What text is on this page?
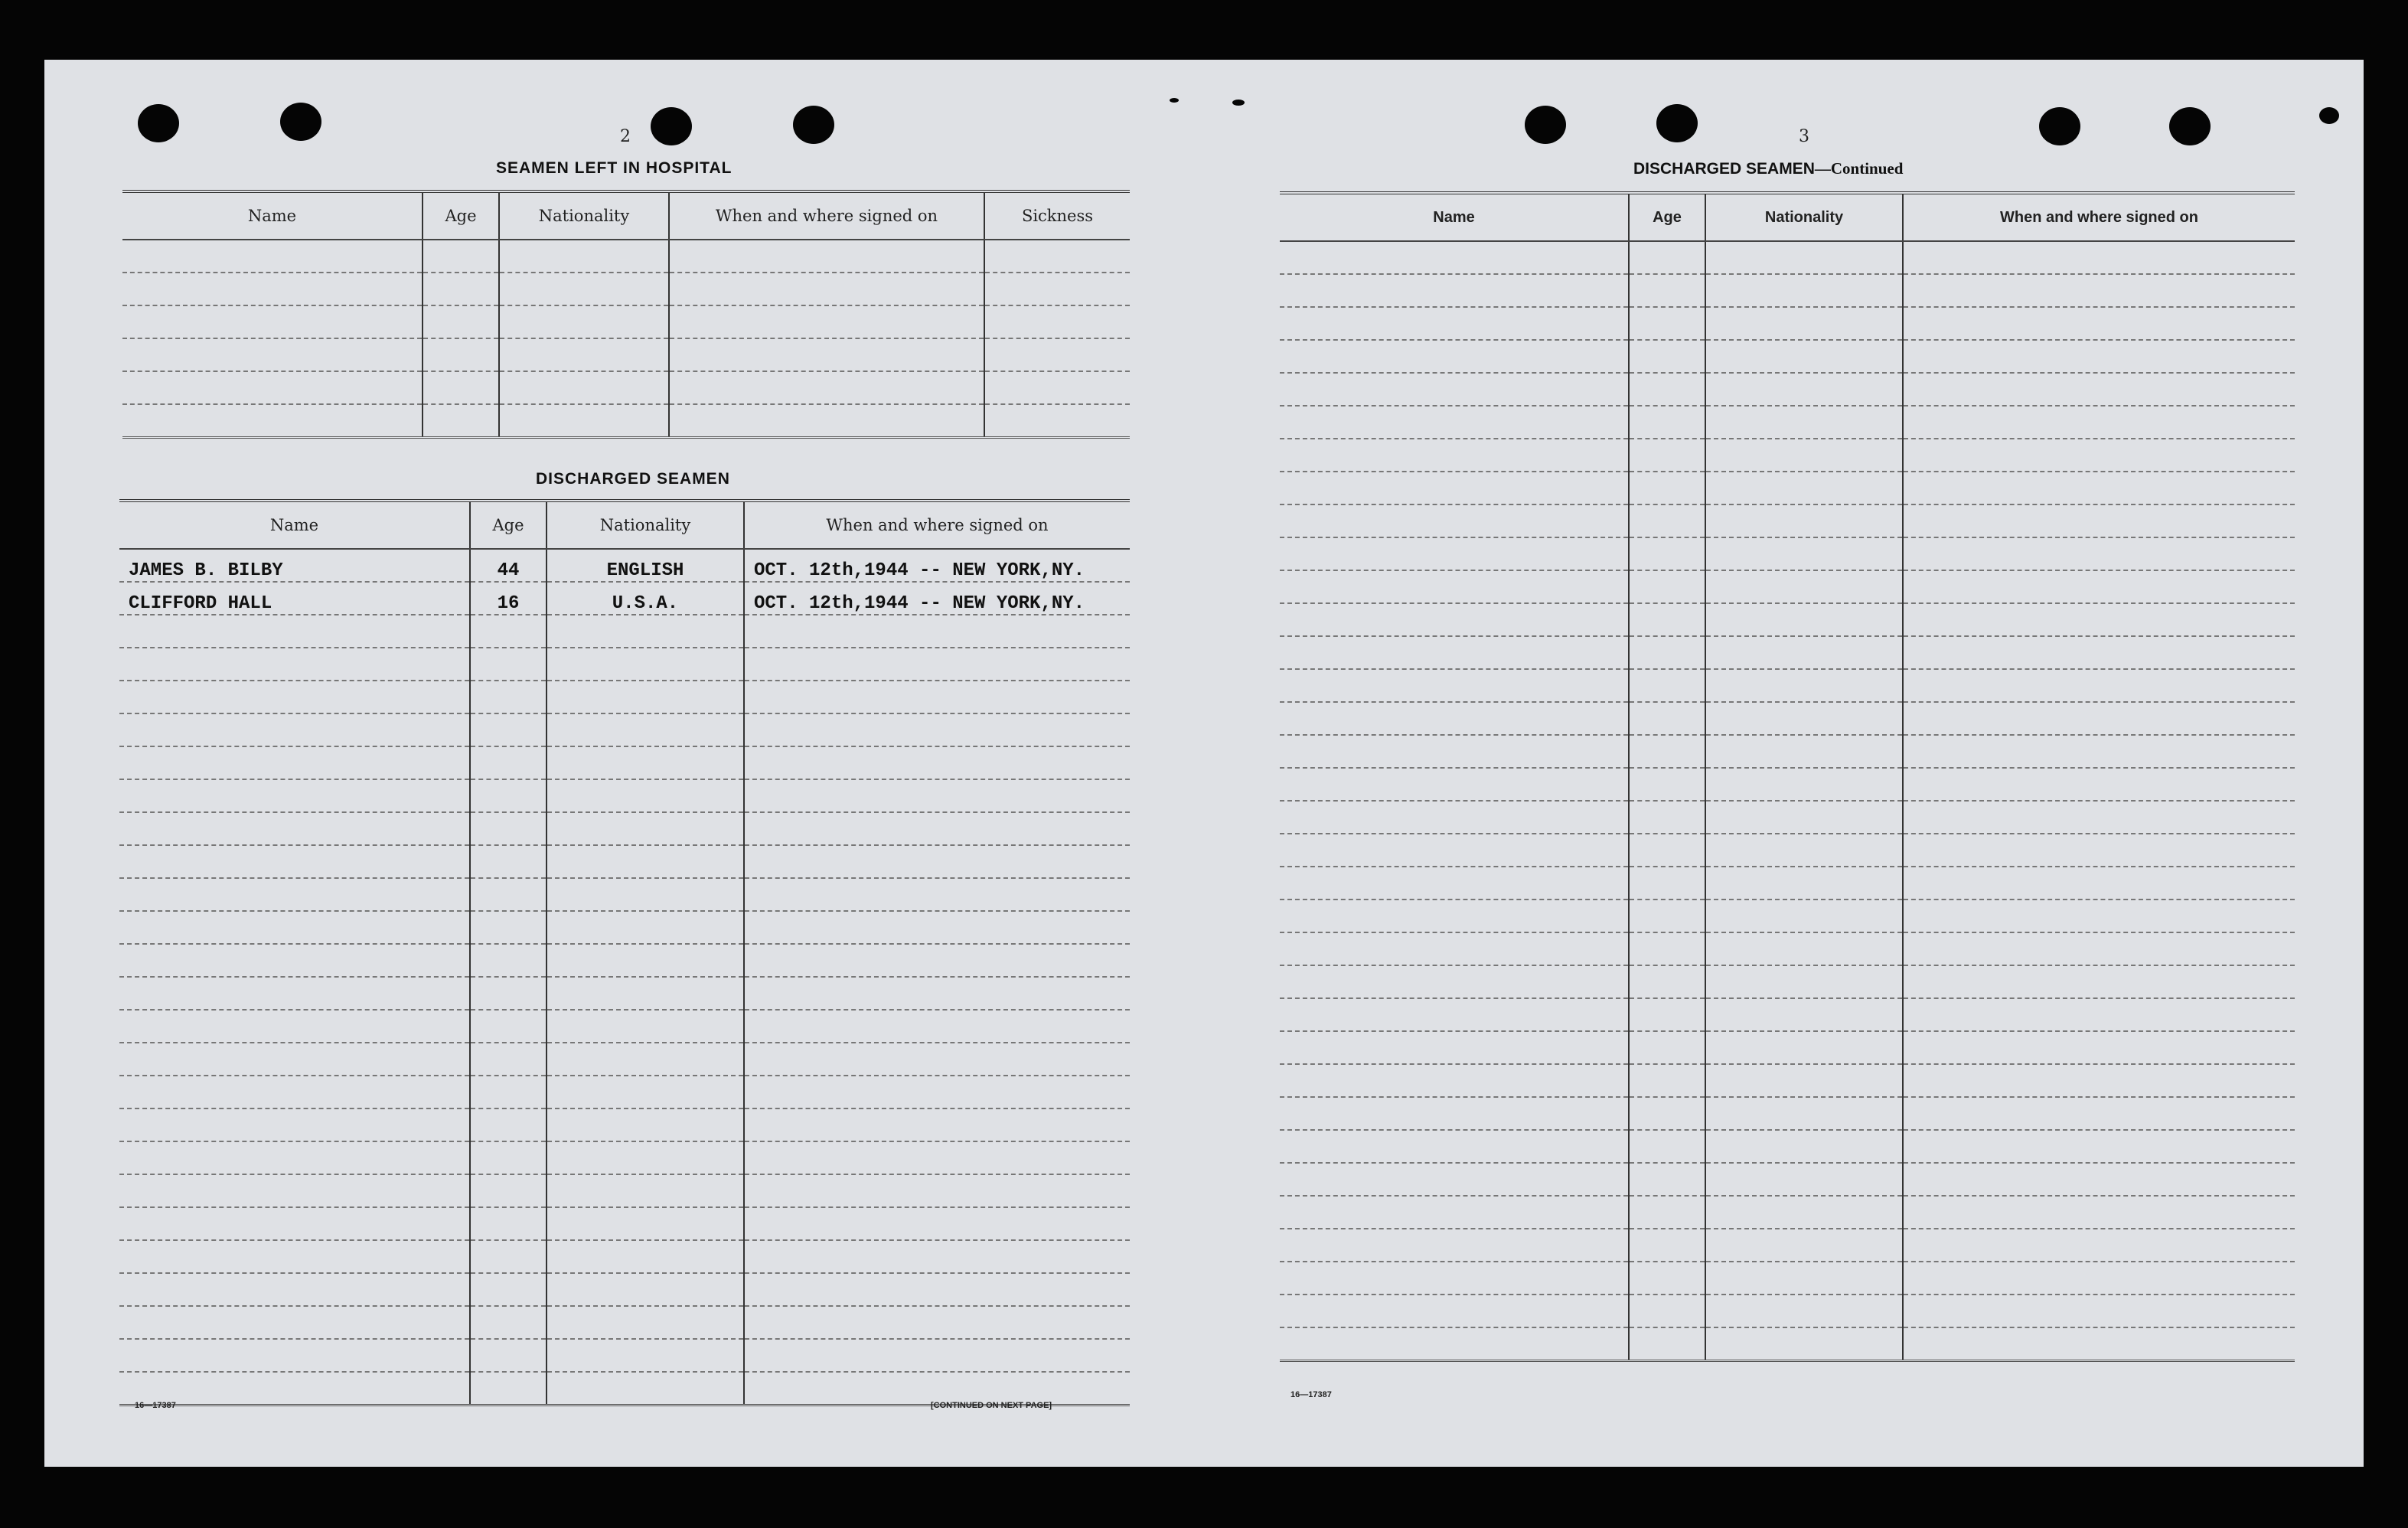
2
SEAMEN LEFT IN HOSPITAL
Name	Age	Nationality	When and where signed on	Sickness

DISCHARGED SEAMEN
Name	Age	Nationality	When and where signed on
JAMES B. BILBY	44	ENGLISH	OCT. 12th,1944 -- NEW YORK,NY.
CLIFFORD HALL	16	U.S.A.	OCT. 12th,1944 -- NEW YORK,NY.

16—17387	[CONTINUED ON NEXT PAGE]
3
DISCHARGED SEAMEN—Continued
Name	Age	Nationality	When and where signed on

16—17387
